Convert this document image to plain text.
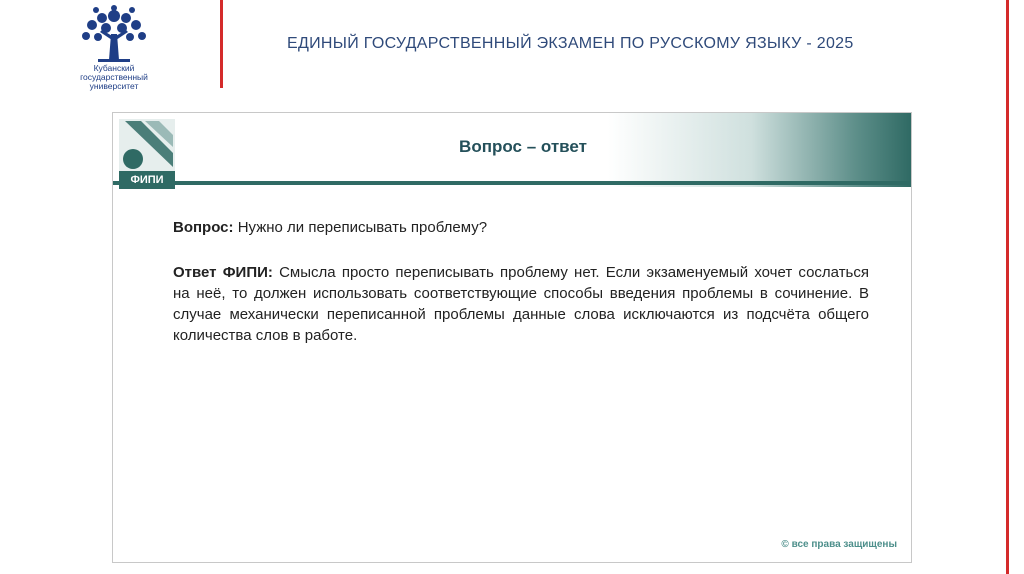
Кубанский
государственный
университет
ЕДИНЫЙ ГОСУДАРСТВЕННЫЙ ЭКЗАМЕН ПО РУССКОМУ ЯЗЫКУ - 2025
ФИПИ
Вопрос – ответ
Вопрос: Нужно ли переписывать проблему?
Ответ ФИПИ: Смысла просто переписывать проблему нет. Если экзаменуемый хочет сослаться на неё, то должен использовать соответствующие способы введения проблемы в сочинение. В случае механически переписанной проблемы данные слова исключаются из подсчёта общего количества слов в работе.
© все права защищены
